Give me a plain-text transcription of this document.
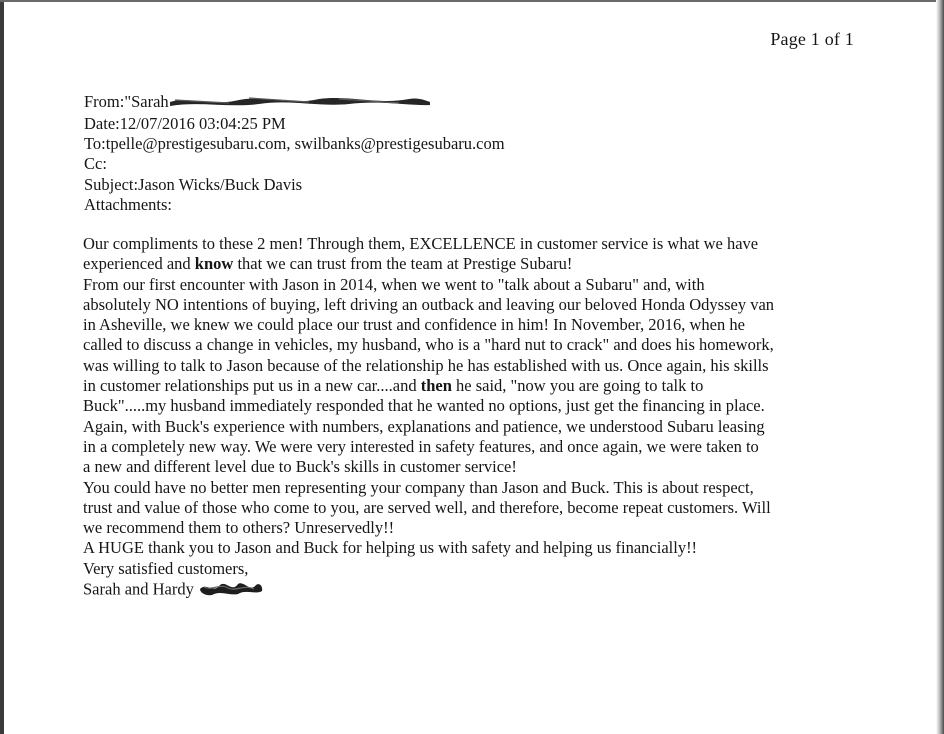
Page 1 of 1
From:"Sarah
Date:12/07/2016 03:04:25 PM
To:tpelle@prestigesubaru.com, swilbanks@prestigesubaru.com
Cc:
Subject:Jason Wicks/Buck Davis
Attachments:
Our compliments to these 2 men! Through them, EXCELLENCE in customer service is what we have
experienced and know that we can trust from the team at Prestige Subaru!
From our first encounter with Jason in 2014, when we went to "talk about a Subaru" and, with
absolutely NO intentions of buying, left driving an outback and leaving our beloved Honda Odyssey van
in Asheville, we knew we could place our trust and confidence in him! In November, 2016, when he
called to discuss a change in vehicles, my husband, who is a "hard nut to crack" and does his homework,
was willing to talk to Jason because of the relationship he has established with us. Once again, his skills
in customer relationships put us in a new car....and then he said, "now you are going to talk to
Buck".....my husband immediately responded that he wanted no options, just get the financing in place.
Again, with Buck's experience with numbers, explanations and patience, we understood Subaru leasing
in a completely new way. We were very interested in safety features, and once again, we were taken to
a new and different level due to Buck's skills in customer service!
You could have no better men representing your company than Jason and Buck. This is about respect,
trust and value of those who come to you, are served well, and therefore, become repeat customers. Will
we recommend them to others? Unreservedly!!
A HUGE thank you to Jason and Buck for helping us with safety and helping us financially!!
Very satisfied customers,
Sarah and Hardy
